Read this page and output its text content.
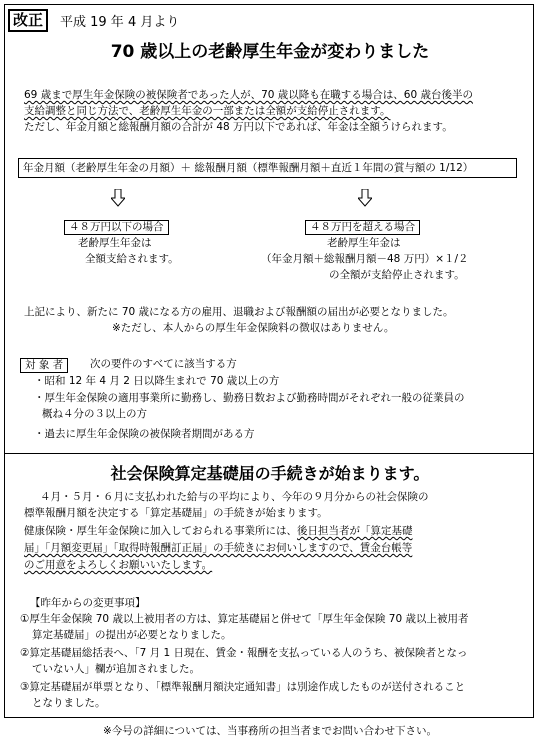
改正	平成 19 年 4 月より
70 歳以上の老齢厚生年金が変わりました
69 歳まで厚生年金保険の被保険者であった人が、70 歳以降も在職する場合は、60 歳台後半の
支給調整と同じ方法で、老齢厚生年金の一部または全額が支給停止されます。
ただし、年金月額と総報酬月額の合計が 48 万円以下であれば、年金は全額うけられます。
年金月額（老齢厚生年金の月額）＋ 総報酬月額（標準報酬月額＋直近１年間の賞与額の 1/12）
４８万円以下の場合
老齢厚生年金は
全額支給されます。
４８万円を超える場合
老齢厚生年金は
（年金月額＋総報酬月額－48 万円）×１/２
の全額が支給停止されます。
上記により、新たに 70 歳になる方の雇用、退職および報酬額の届出が必要となりました。
※ただし、本人からの厚生年金保険料の徴収はありません。
対 象 者	次の要件のすべてに該当する方
・昭和 12 年 4 月 2 日以降生まれで 70 歳以上の方
・厚生年金保険の適用事業所に勤務し、勤務日数および勤務時間がそれぞれ一般の従業員の
概ね４分の３以上の方
・過去に厚生年金保険の被保険者期間がある方
社会保険算定基礎届の手続きが始まります。
４月・５月・６月に支払われた給与の平均により、今年の９月分からの社会保険の
標準報酬月額を決定する「算定基礎届」の手続きが始まります。
健康保険・厚生年金保険に加入しておられる事業所には、後日担当者が「算定基礎
届」「月額変更届」「取得時報酬訂正届」の手続きにお伺いしますので、賃金台帳等
のご用意をよろしくお願いいたします。
【昨年からの変更事項】
①厚生年金保険 70 歳以上被用者の方は、算定基礎届と併せて「厚生年金保険 70 歳以上被用者
算定基礎届」の提出が必要となりました。
②算定基礎届総括表へ、「7 月 1 日現在、賃金・報酬を支払っている人のうち、被保険者となっ
ていない人」欄が追加されました。
③算定基礎届が単票となり、「標準報酬月額決定通知書」は別途作成したものが送付されること
となりました。
※今号の詳細については、当事務所の担当者までお問い合わせ下さい。
